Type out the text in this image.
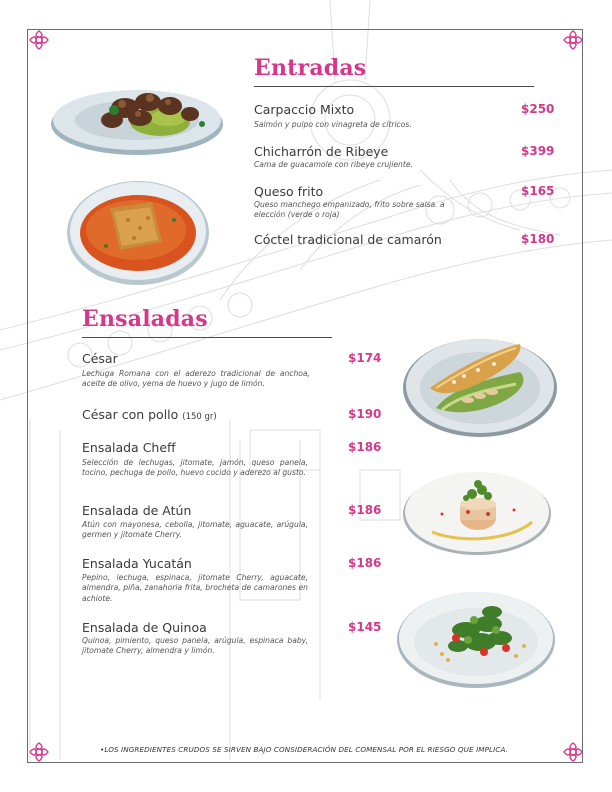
Entradas
Carpaccio Mixto
Salmón y pulpo con vinagreta de cítricos.
$250
Chicharrón de Ribeye
Cama de guacamole con ribeye crujiente.
$399
Queso frito
Queso manchego empanizado, frito sobre salsa. a elección (verde o roja)
$165
Cóctel tradicional de camarón	$180
Ensaladas
César
Lechuga Romana con el aderezo tradicional de anchoa, aceite de olivo, yema de huevo y jugo de limón.
$174
César con pollo (150 gr)	$190
Ensalada Cheff
Selección de lechugas, jitomate, jamón, queso panela, tocino, pechuga de pollo, huevo cocido y aderezo al gusto.
$186
Ensalada de Atún
Atún con mayonesa, cebolla, jitomate, aguacate, arúgula, germen y jitomate Cherry.
$186
Ensalada Yucatán
Pepino, lechuga, espinaca, jitomate Cherry, aguacate, almendra, piña, zanahoria frita, brocheta de camarones en achiote.
$186
Ensalada de Quinoa
Quinoa, pimiento, queso panela, arúgula, espinaca baby, jitomate Cherry, almendra y limón.
$145
•LOS INGREDIENTES CRUDOS SE SIRVEN BAJO CONSIDERACIÓN DEL COMENSAL POR EL RIESGO QUE IMPLICA.
